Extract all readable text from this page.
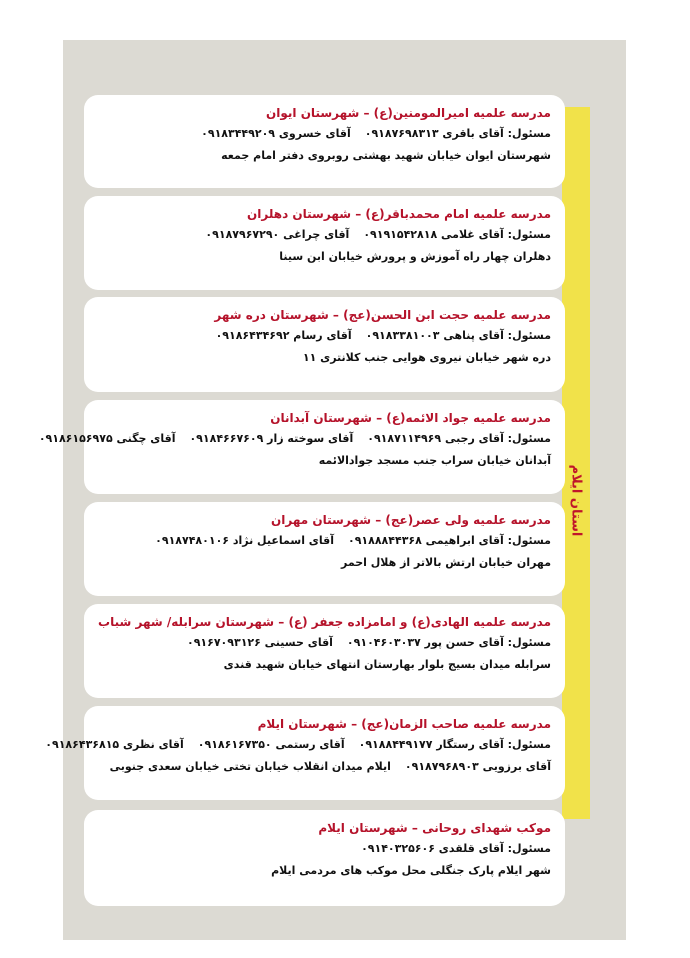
استان ایلام
مدرسه علمیه امیرالمومنین(ع) – شهرستان ایوان
مسئول: آقای باقری ۰۹۱۸۷۶۹۸۳۱۳آقای خسروی ۰۹۱۸۳۴۴۹۲۰۹
شهرستان ایوان خیابان شهید بهشتی روبروی دفتر امام جمعه
مدرسه علمیه امام محمدباقر(ع) – شهرستان دهلران
مسئول: آقای غلامی ۰۹۱۹۱۵۴۲۸۱۸آقای چراغی ۰۹۱۸۷۹۶۷۲۹۰
دهلران چهار راه آموزش و پرورش خیابان ابن سینا
مدرسه علمیه حجت ابن الحسن(عج) – شهرستان دره شهر
مسئول: آقای پناهی ۰۹۱۸۳۳۸۱۰۰۳آقای رسام ۰۹۱۸۶۴۳۴۶۹۲
دره شهر خیابان نیروی هوایی جنب کلانتری ۱۱
مدرسه علمیه جواد الائمه(ع) – شهرستان آبدانان
مسئول: آقای رجبی ۰۹۱۸۷۱۱۴۹۶۹آقای سوخته زار ۰۹۱۸۴۶۶۷۶۰۹آقای چگنی ۰۹۱۸۶۱۵۶۹۷۵
آبدانان خیابان سراب جنب مسجد جوادالائمه
مدرسه علمیه ولی عصر(عج) – شهرستان مهران
مسئول: آقای ابراهیمی ۰۹۱۸۸۸۴۴۳۶۸آقای اسماعیل نژاد ۰۹۱۸۷۴۸۰۱۰۶
مهران خیابان ارتش بالاتر از هلال احمر
مدرسه علمیه الهادی(ع) و امامزاده جعفر (ع) – شهرستان سرابله/ شهر شباب
مسئول: آقای حسن پور ۰۹۱۰۴۶۰۳۰۳۷آقای حسینی ۰۹۱۶۷۰۹۳۱۲۶
سرابله میدان بسیج بلوار بهارستان انتهای خیابان شهید قندی
مدرسه علمیه صاحب الزمان(عج) – شهرستان ایلام
مسئول: آقای رستگار ۰۹۱۸۸۴۴۹۱۷۷آقای رستمی ۰۹۱۸۶۱۶۷۳۵۰آقای نظری ۰۹۱۸۶۴۳۶۸۱۵
آقای برزویی ۰۹۱۸۷۹۶۸۹۰۳ایلام میدان انقلاب خیابان تختی خیابان سعدی جنوبی
موکب شهدای روحانی – شهرستان ایلام
مسئول: آقای قلقدی ۰۹۱۴۰۳۲۵۶۰۶
شهر ایلام پارک جنگلی محل موکب های مردمی ایلام
